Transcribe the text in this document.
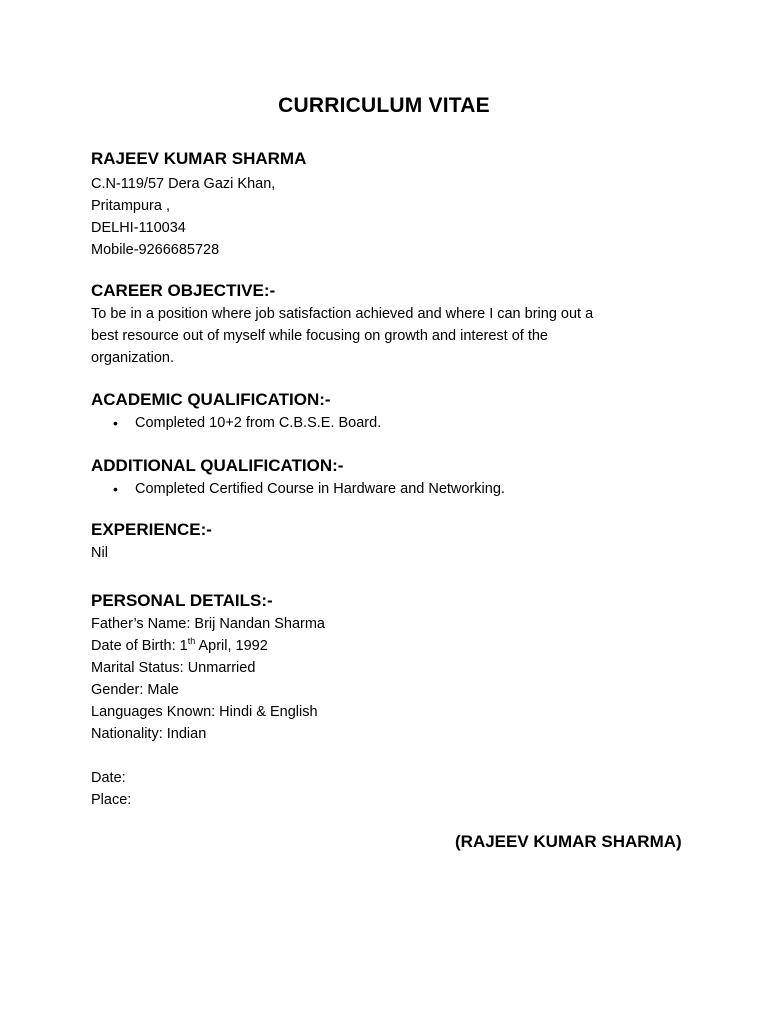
CURRICULUM VITAE

RAJEEV KUMAR SHARMA

C.N-119/57 Dera Gazi Khan,

Pritampura ,

DELHI-110034

Mobile-9266685728

CAREER OBJECTIVE:-

To be in a position where job satisfaction achieved and where I can bring out a

best resource out of myself while focusing on growth and interest of the

organization.

ACADEMIC QUALIFICATION:-

• Completed 10+2 from C.B.S.E. Board.

ADDITIONAL QUALIFICATION:-

• Completed Certified Course in Hardware and Networking.

EXPERIENCE:-

Nil

PERSONAL DETAILS:-

Father’s Name: Brij Nandan Sharma

Date of Birth: 1th April, 1992

Marital Status: Unmarried

Gender: Male

Languages Known: Hindi & English

Nationality: Indian

Date:

Place:

(RAJEEV KUMAR SHARMA)
